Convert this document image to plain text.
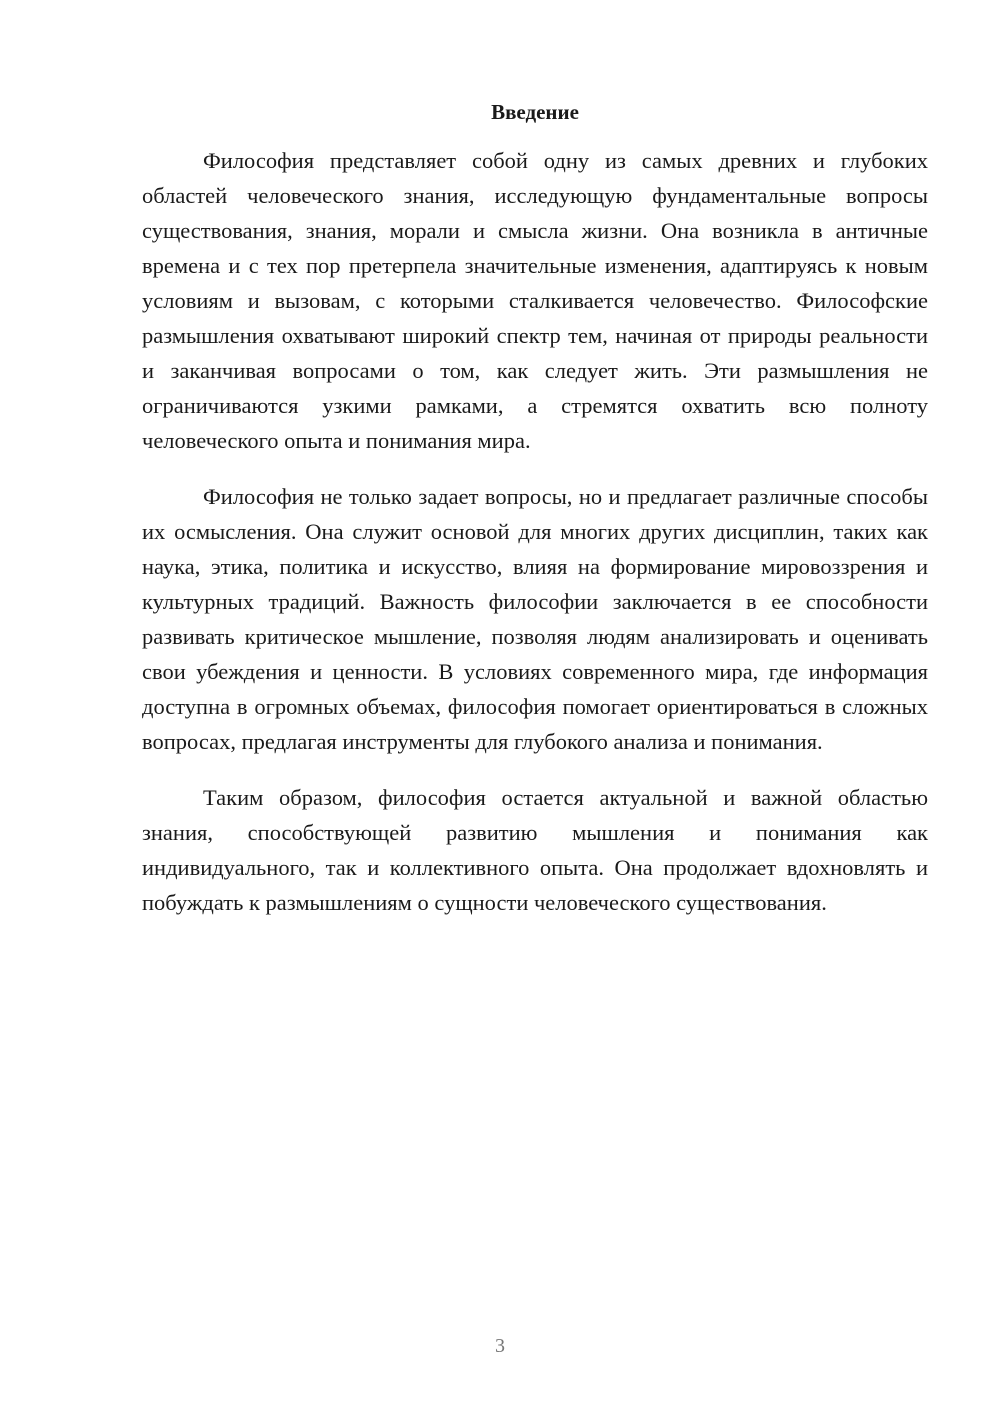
Введение

Философия представляет собой одну из самых древних и глубоких областей человеческого знания, исследующую фундаментальные вопросы существования, знания, морали и смысла жизни. Она возникла в античные времена и с тех пор претерпела значительные изменения, адаптируясь к новым условиям и вызовам, с которыми сталкивается человечество. Философские размышления охватывают широкий спектр тем, начиная от природы реальности и заканчивая вопросами о том, как следует жить. Эти размышления не ограничиваются узкими рамками, а стремятся охватить всю полноту человеческого опыта и понимания мира.

Философия не только задает вопросы, но и предлагает различные способы их осмысления. Она служит основой для многих других дисциплин, таких как наука, этика, политика и искусство, влияя на формирование мировоззрения и культурных традиций. Важность философии заключается в ее способности развивать критическое мышление, позволяя людям анализировать и оценивать свои убеждения и ценности. В условиях современного мира, где информация доступна в огромных объемах, философия помогает ориентироваться в сложных вопросах, предлагая инструменты для глубокого анализа и понимания.

Таким образом, философия остается актуальной и важной областью знания, способствующей развитию мышления и понимания как индивидуального, так и коллективного опыта. Она продолжает вдохновлять и побуждать к размышлениям о сущности человеческого существования.

3
